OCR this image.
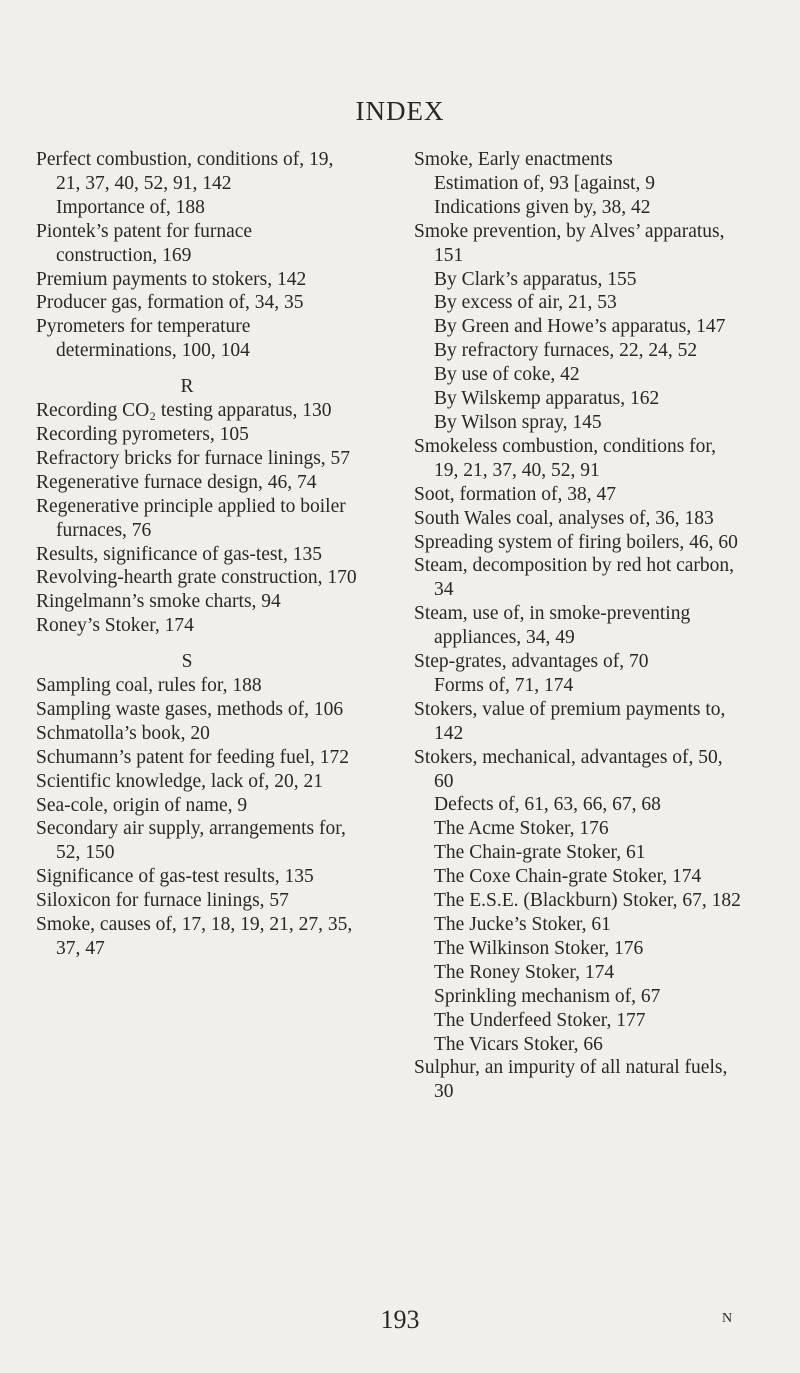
INDEX
Perfect combustion, conditions of, 19, 21, 37, 40, 52, 91, 142
Importance of, 188
Piontek’s patent for furnace construction, 169
Premium payments to stokers, 142
Producer gas, formation of, 34, 35
Pyrometers for temperature determinations, 100, 104
R
Recording CO₂ testing apparatus, 130
Recording pyrometers, 105
Refractory bricks for furnace linings, 57
Regenerative furnace design, 46, 74
Regenerative principle applied to boiler furnaces, 76
Results, significance of gas-test, 135
Revolving-hearth grate construction, 170
Ringelmann’s smoke charts, 94
Roney’s Stoker, 174
S
Sampling coal, rules for, 188
Sampling waste gases, methods of, 106
Schmatolla’s book, 20
Schumann’s patent for feeding fuel, 172
Scientific knowledge, lack of, 20, 21
Sea-cole, origin of name, 9
Secondary air supply, arrangements for, 52, 150
Significance of gas-test results, 135
Siloxicon for furnace linings, 57
Smoke, causes of, 17, 18, 19, 21, 27, 35, 37, 47
Smoke, Early enactments
Estimation of, 93 [against, 9
Indications given by, 38, 42
Smoke prevention, by Alves’ apparatus, 151
By Clark’s apparatus, 155
By excess of air, 21, 53
By Green and Howe’s apparatus, 147
By refractory furnaces, 22, 24, 52
By use of coke, 42
By Wilskemp apparatus, 162
By Wilson spray, 145
Smokeless combustion, conditions for, 19, 21, 37, 40, 52, 91
Soot, formation of, 38, 47
South Wales coal, analyses of, 36, 183
Spreading system of firing boilers, 46, 60
Steam, decomposition by red hot carbon, 34
Steam, use of, in smoke-preventing appliances, 34, 49
Step-grates, advantages of, 70
Forms of, 71, 174
Stokers, value of premium payments to, 142
Stokers, mechanical, advantages of, 50, 60
Defects of, 61, 63, 66, 67, 68
The Acme Stoker, 176
The Chain-grate Stoker, 61
The Coxe Chain-grate Stoker, 174
The E.S.E. (Blackburn) Stoker, 67, 182
The Jucke’s Stoker, 61
The Wilkinson Stoker, 176
The Roney Stoker, 174
Sprinkling mechanism of, 67
The Underfeed Stoker, 177
The Vicars Stoker, 66
Sulphur, an impurity of all natural fuels, 30
193	N
